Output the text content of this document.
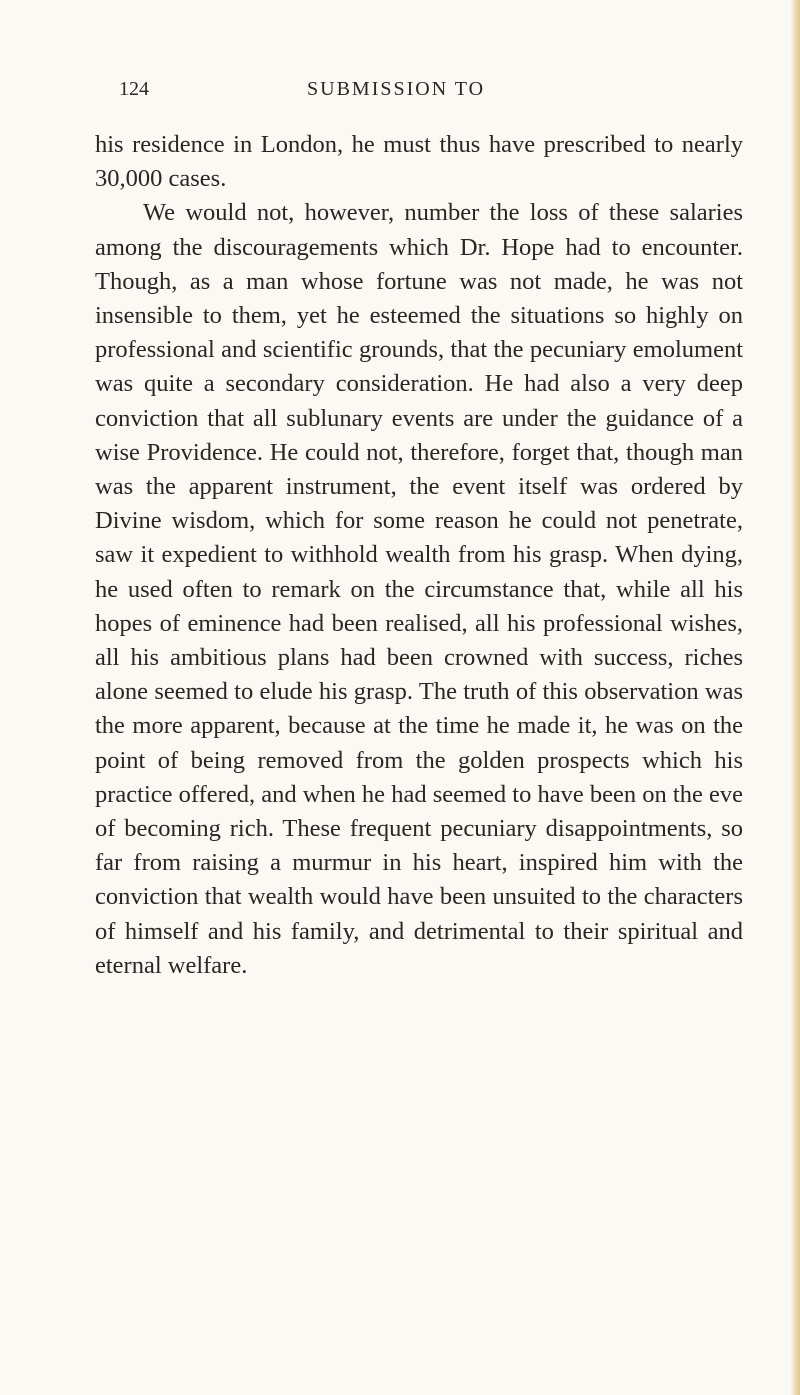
124	SUBMISSION TO

his residence in London, he must thus have prescribed to nearly 30,000 cases.

We would not, however, number the loss of these salaries among the discouragements which Dr. Hope had to encounter. Though, as a man whose fortune was not made, he was not insensible to them, yet he esteemed the situations so highly on professional and scientific grounds, that the pecuniary emolument was quite a secondary consideration. He had also a very deep conviction that all sublunary events are under the guidance of a wise Providence. He could not, therefore, forget that, though man was the apparent instrument, the event itself was ordered by Divine wisdom, which for some reason he could not penetrate, saw it expedient to withhold wealth from his grasp. When dying, he used often to remark on the circumstance that, while all his hopes of eminence had been realised, all his professional wishes, all his ambitious plans had been crowned with success, riches alone seemed to elude his grasp. The truth of this observation was the more apparent, because at the time he made it, he was on the point of being removed from the golden prospects which his practice offered, and when he had seemed to have been on the eve of becoming rich. These frequent pecuniary disappointments, so far from raising a murmur in his heart, inspired him with the conviction that wealth would have been unsuited to the characters of himself and his family, and detrimental to their spiritual and eternal welfare.
